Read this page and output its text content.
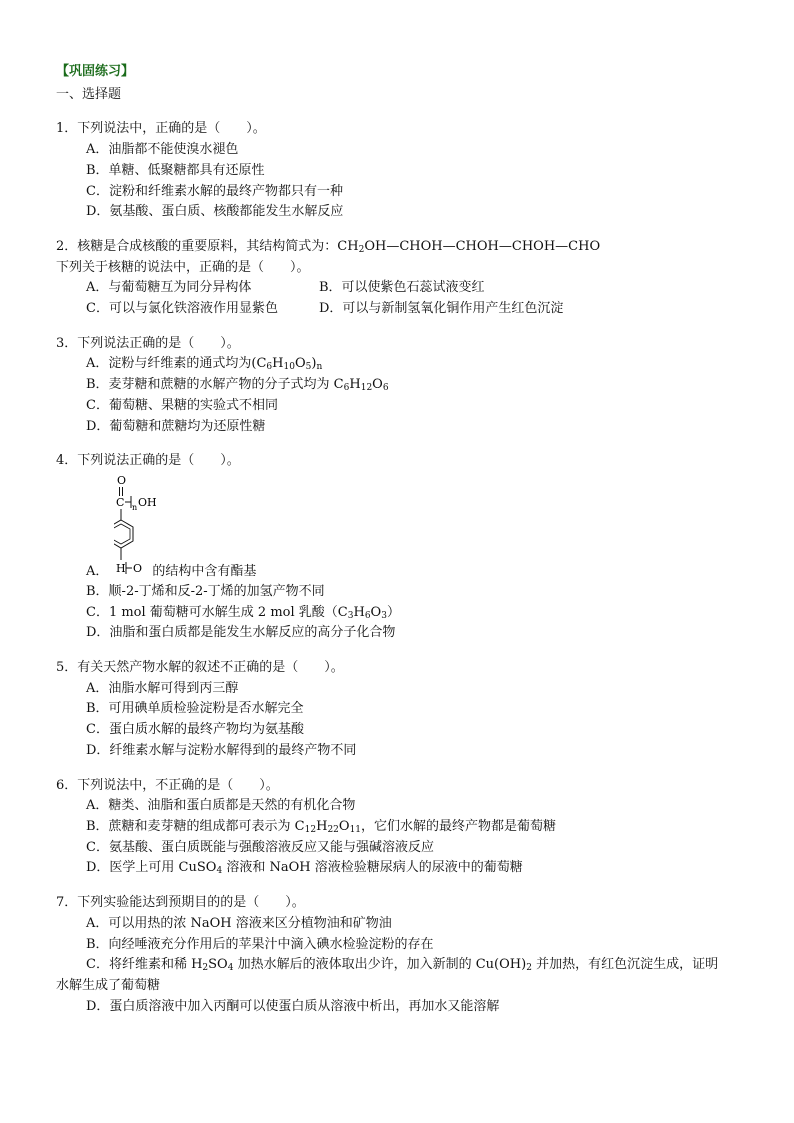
【巩固练习】
一、选择题
1．下列说法中，正确的是（　　）。
A．油脂都不能使溴水褪色
B．单糖、低聚糖都具有还原性
C．淀粉和纤维素水解的最终产物都只有一种
D．氨基酸、蛋白质、核酸都能发生水解反应
2．核糖是合成核酸的重要原料，其结构简式为：$CH_2OH—CHOH—CHOH—CHOH—CHO$
下列关于核糖的说法中，正确的是（　　）。
A．与葡萄糖互为同分异构体	B．可以使紫色石蕊试液变红
C．可以与氯化铁溶液作用显紫色	D．可以与新制氢氧化铜作用产生红色沉淀
3．下列说法正确的是（　　）。
A．淀粉与纤维素的通式均为$(C_6H_{10}O_5)_n$
B．麦芽糖和蔗糖的水解产物的分子式均为 $C_6H_{12}O_6$
C．葡萄糖、果糖的实验式不相同
D．葡萄糖和蔗糖均为还原性糖
4．下列说法正确的是（　　）。
O
C n OH
H O
A．	的结构中含有酯基
B．顺-2-丁烯和反-2-丁烯的加氢产物不同
C．1 mol 葡萄糖可水解生成 2 mol 乳酸$(C_3H_6O_3)$
D．油脂和蛋白质都是能发生水解反应的高分子化合物
5．有关天然产物水解的叙述不正确的是（　　）。
A．油脂水解可得到丙三醇
B．可用碘单质检验淀粉是否水解完全
C．蛋白质水解的最终产物均为氨基酸
D．纤维素水解与淀粉水解得到的最终产物不同
6．下列说法中，不正确的是（　　）。
A．糖类、油脂和蛋白质都是天然的有机化合物
B．蔗糖和麦芽糖的组成都可表示为 $C_{12}H_{22}O_{11}$，它们水解的最终产物都是葡萄糖
C．氨基酸、蛋白质既能与强酸溶液反应又能与强碱溶液反应
D．医学上可用 CuSO$_4$ 溶液和 NaOH 溶液检验糖尿病人的尿液中的葡萄糖
7．下列实验能达到预期目的的是（　　）。
A．可以用热的浓 NaOH 溶液来区分植物油和矿物油
B．向经唾液充分作用后的苹果汁中滴入碘水检验淀粉的存在
C．将纤维素和稀 $H_2SO_4$ 加热水解后的液体取出少许，加入新制的 $Cu(OH)_2$ 并加热，有红色沉淀生成，证明
水解生成了葡萄糖
D．蛋白质溶液中加入丙酮可以使蛋白质从溶液中析出，再加水又能溶解
